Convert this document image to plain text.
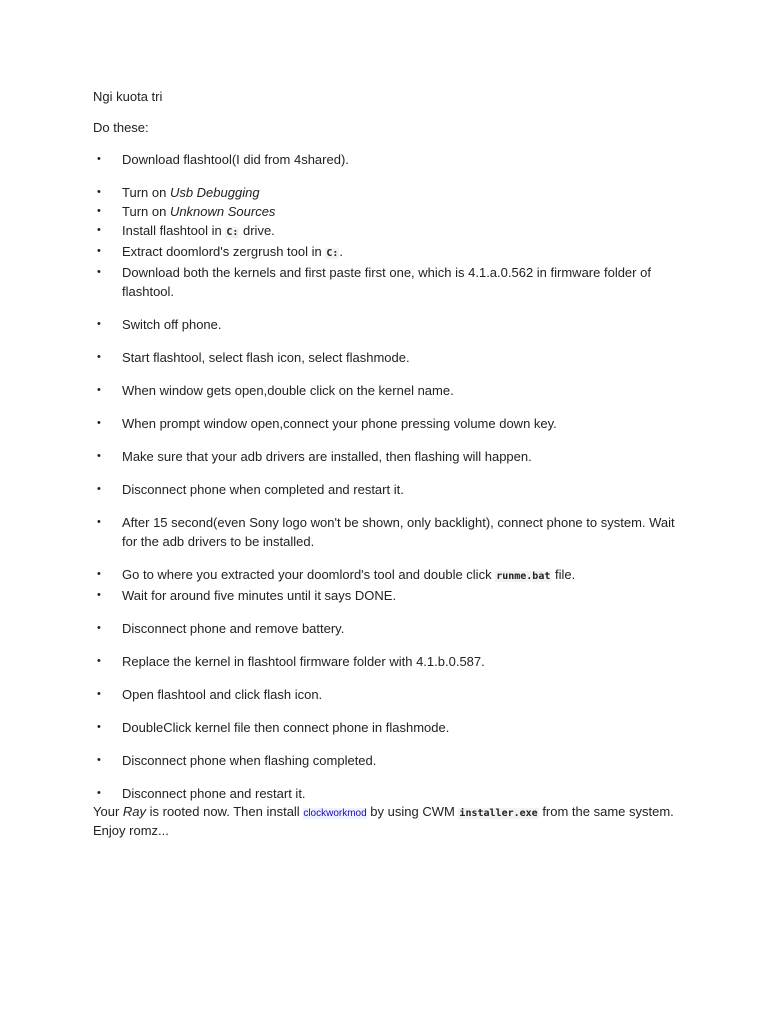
Ngi kuota tri

Do these:

• Download flashtool(I did from 4shared).
• Turn on Usb Debugging
• Turn on Unknown Sources
• Install flashtool in C: drive.
• Extract doomlord's zergrush tool in C:.
• Download both the kernels and first paste first one, which is 4.1.a.0.562 in firmware folder of flashtool.
• Switch off phone.
• Start flashtool, select flash icon, select flashmode.
• When window gets open,double click on the kernel name.
• When prompt window open,connect your phone pressing volume down key.
• Make sure that your adb drivers are installed, then flashing will happen.
• Disconnect phone when completed and restart it.
• After 15 second(even Sony logo won't be shown, only backlight), connect phone to system. Wait for the adb drivers to be installed.
• Go to where you extracted your doomlord's tool and double click runme.bat file.
• Wait for around five minutes until it says DONE.
• Disconnect phone and remove battery.
• Replace the kernel in flashtool firmware folder with 4.1.b.0.587.
• Open flashtool and click flash icon.
• DoubleClick kernel file then connect phone in flashmode.
• Disconnect phone when flashing completed.
• Disconnect phone and restart it.

Your Ray is rooted now. Then install clockworkmod by using CWM installer.exe from the same system. Enjoy romz...
